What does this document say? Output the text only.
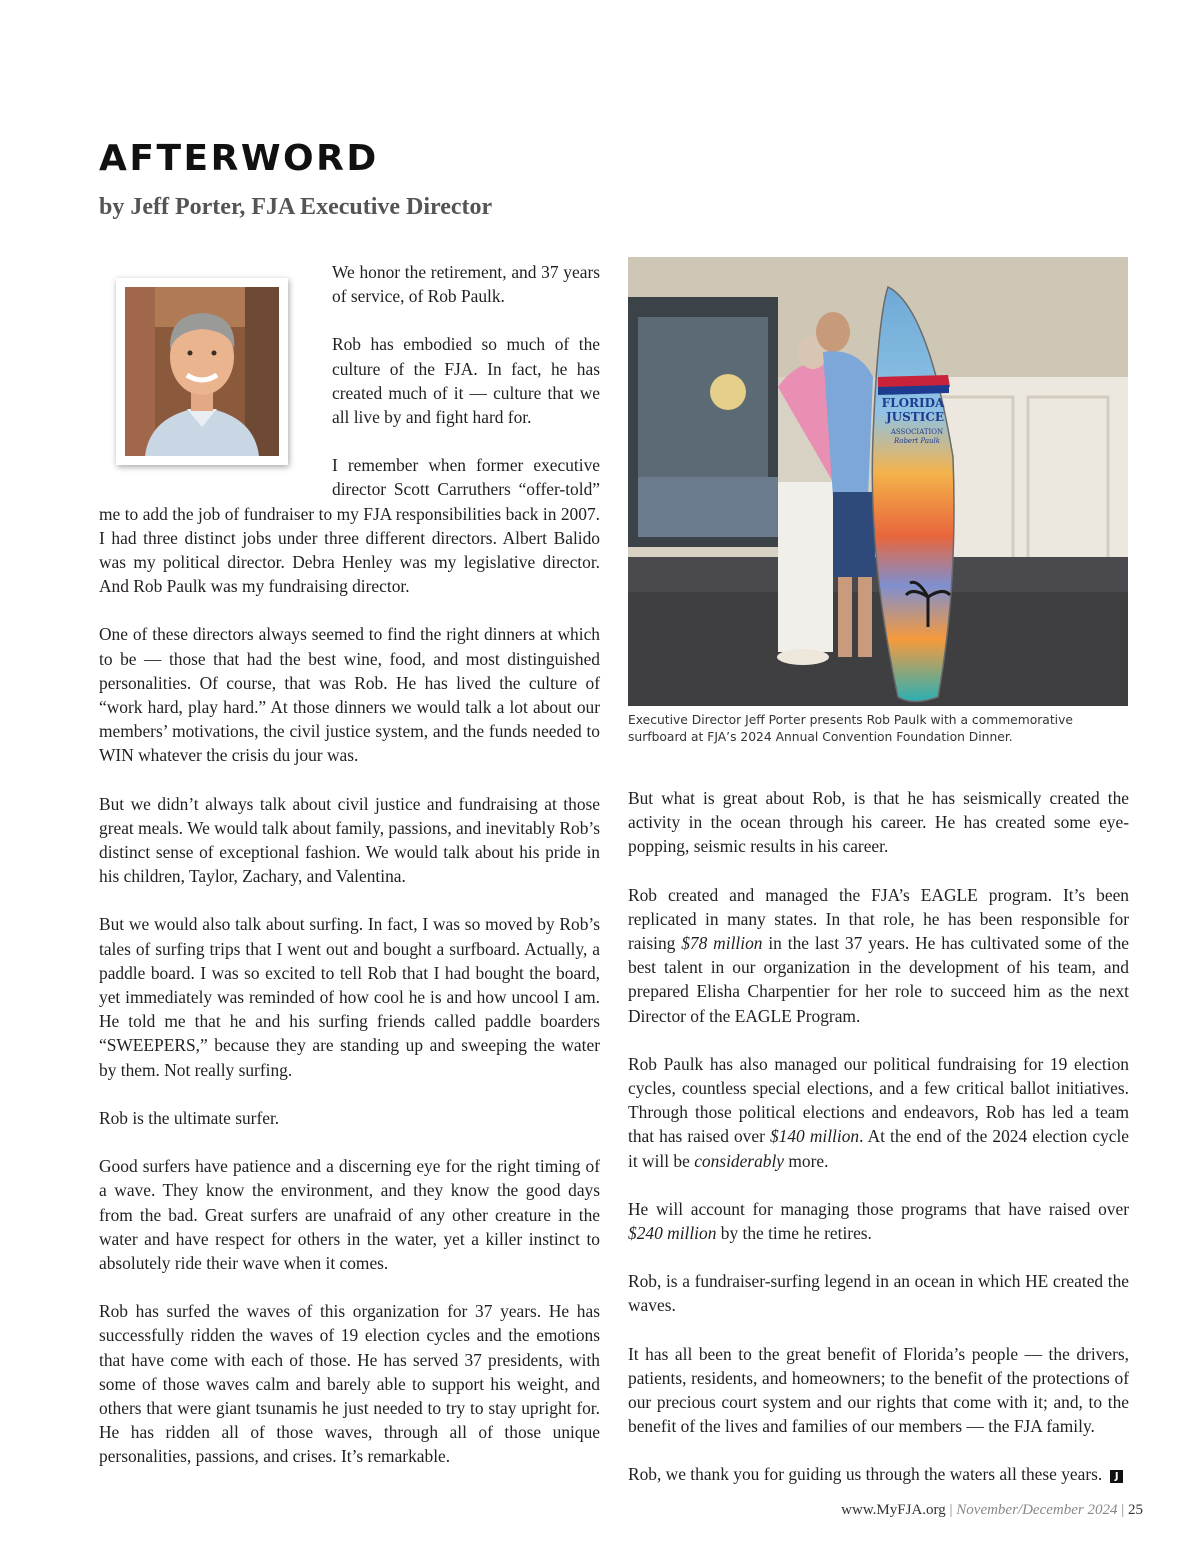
AFTERWORD

by Jeff Porter, FJA Executive Director

We honor the retirement, and 37 years of service, of Rob Paulk.

Rob has embodied so much of the culture of the FJA. In fact, he has created much of it — culture that we all live by and fight hard for.

I remember when former executive director Scott Carruthers “offer-told” me to add the job of fundraiser to my FJA responsibilities back in 2007. I had three distinct jobs under three different directors. Albert Balido was my political director. Debra Henley was my legislative director. And Rob Paulk was my fundraising director.

One of these directors always seemed to find the right dinners at which to be — those that had the best wine, food, and most distinguished personalities. Of course, that was Rob. He has lived the culture of “work hard, play hard.” At those dinners we would talk a lot about our members’ motivations, the civil justice system, and the funds needed to WIN whatever the crisis du jour was.

But we didn’t always talk about civil justice and fundraising at those great meals. We would talk about family, passions, and inevitably Rob’s distinct sense of exceptional fashion. We would talk about his pride in his children, Taylor, Zachary, and Valentina.

But we would also talk about surfing. In fact, I was so moved by Rob’s tales of surfing trips that I went out and bought a surfboard. Actually, a paddle board. I was so excited to tell Rob that I had bought the board, yet immediately was reminded of how cool he is and how uncool I am. He told me that he and his surfing friends called paddle boarders “SWEEPERS,” because they are standing up and sweeping the water by them. Not really surfing.

Rob is the ultimate surfer.

Good surfers have patience and a discerning eye for the right timing of a wave. They know the environment, and they know the good days from the bad. Great surfers are unafraid of any other creature in the water and have respect for others in the water, yet a killer instinct to absolutely ride their wave when it comes.

Rob has surfed the waves of this organization for 37 years. He has successfully ridden the waves of 19 election cycles and the emotions that have come with each of those. He has served 37 presidents, with some of those waves calm and barely able to support his weight, and others that were giant tsunamis he just needed to try to stay upright for. He has ridden all of those waves, through all of those unique personalities, passions, and crises. It’s remarkable.

FLORIDA
JUSTICE
ASSOCIATION
Robert Paulk
Executive Director Jeff Porter presents Rob Paulk with a commemorative surfboard at FJA’s 2024 Annual Convention Foundation Dinner.

But what is great about Rob, is that he has seismically created the activity in the ocean through his career. He has created some eye-popping, seismic results in his career.

Rob created and managed the FJA’s EAGLE program. It’s been replicated in many states. In that role, he has been responsible for raising $78 million in the last 37 years. He has cultivated some of the best talent in our organization in the development of his team, and prepared Elisha Charpentier for her role to succeed him as the next Director of the EAGLE Program.

Rob Paulk has also managed our political fundraising for 19 election cycles, countless special elections, and a few critical ballot initiatives. Through those political elections and endeavors, Rob has led a team that has raised over $140 million. At the end of the 2024 election cycle it will be considerably more.

He will account for managing those programs that have raised over $240 million by the time he retires.

Rob, is a fundraiser-surfing legend in an ocean in which HE created the waves.

It has all been to the great benefit of Florida’s people — the drivers, patients, residents, and homeowners; to the benefit of the protections of our precious court system and our rights that come with it; and, to the benefit of the lives and families of our members — the FJA family.

Rob, we thank you for guiding us through the waters all these years. J

www.MyFJA.org | November/December 2024 | 25
